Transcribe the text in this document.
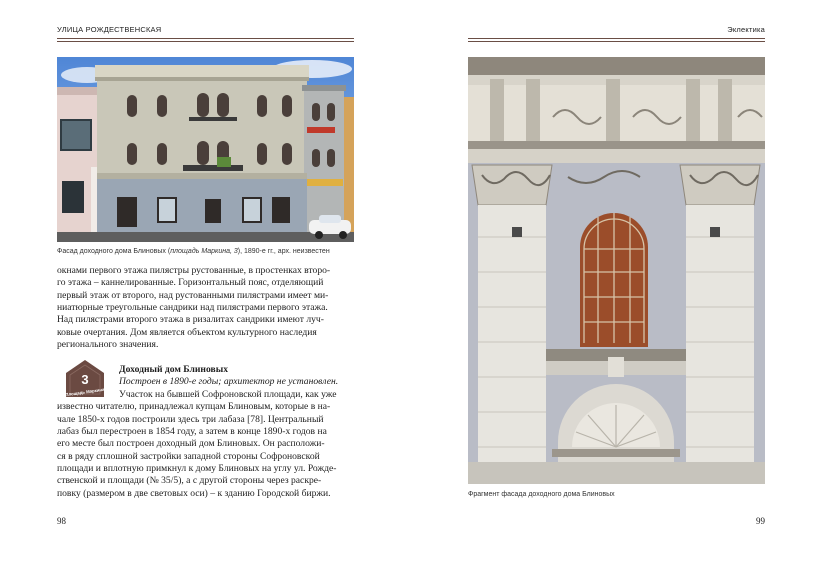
УЛИЦА РОЖДЕСТВЕНСКАЯ
Фасад доходного дома Блиновых (площадь Маркина, 3), 1890-е гг., арх. неизвестен

окнами первого этажа пилястры рустованные, в простенках второ-

го этажа – каннелированные. Горизонтальный пояс, отделяющий

первый этаж от второго, над рустованными пилястрами имеет ми-

ниатюрные треугольные сандрики над пилястрами первого этажа.

Над пилястрами второго этажа в ризалитах сандрики имеют луч-

ковые очертания. Дом является объектом культурного наследия

регионального значения.

3
Площадь Маркина

Доходный дом Блиновых

Построен в 1890-е годы; архитектор не установлен.

Участок на бывшей Софроновской площади, как уже

известно читателю, принадлежал купцам Блиновым, которые в на-

чале 1850-х годов построили здесь три лабаза [78]. Центральный

лабаз был перестроен в 1854 году, а затем в конце 1890-х годов на

его месте был построен доходный дом Блиновых. Он расположи-

ся в ряду сплошной застройки западной стороны Софроновской

площади и вплотную примкнул к дому Блиновых на углу ул. Рожде-

ственской и площади (№ 35/5), а с другой стороны через раскре-

повку (размером в две световых оси) – к зданию Городской биржи.

98
Эклектика
Фрагмент фасада доходного дома Блиновых
99
